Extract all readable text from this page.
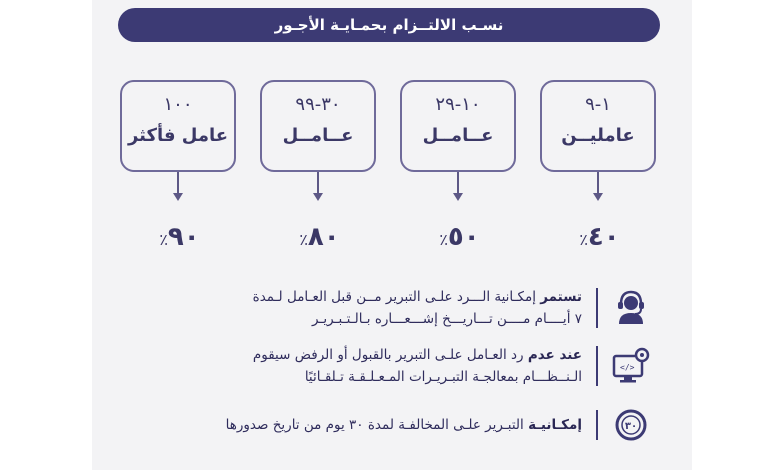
نسـب الالتــزام بحمـايـة الأجـور
١-٩
عامليــن
١٠-٢٩
عــامــل
٣٠-٩٩
عــامــل
١٠٠
عامل فأكثر
٤٠٪
٥٠٪
٨٠٪
٩٠٪
تستمر إمكـانية الـــرد علـى التبرير مــن قبل العـامل لـمدة
٧ أيــــام مــــن تـــاريـــخ إشـــعـــاره بـالـتـبـريـر
</>
عند عدم رد العـامل علـى التبرير بالقبول أو الرفض سيقوم
الـنــظـــام بمعالجـة التبـريـرات المـعـلـقـة تـلقـائيًا
٣٠
إمكـانيـة التبـرير علـى المخالفـة لمدة ٣٠ يوم من تاريخ صدورها
